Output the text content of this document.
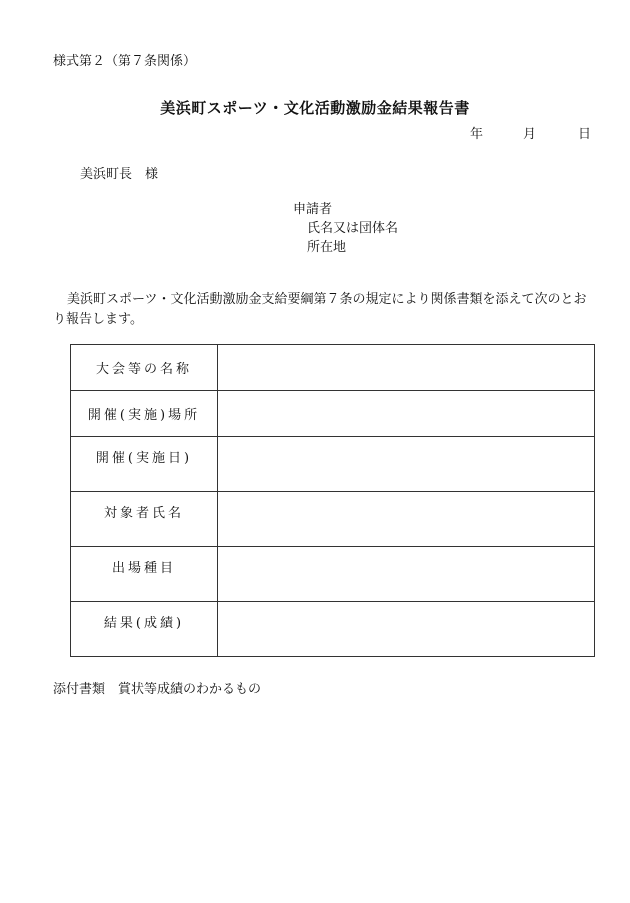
様式第２（第７条関係）
美浜町スポーツ・文化活動激励金結果報告書
年	月	日
美浜町長　様
申請者
氏名又は団体名
所在地
美浜町スポーツ・文化活動激励金支給要綱第７条の規定により関係書類を添えて次のとおり報告します。
大会等の名称	
開催(実施)場所	
開催(実施日)	
対象者氏名	
出場種目	
結果(成績)	
添付書類　賞状等成績のわかるもの
